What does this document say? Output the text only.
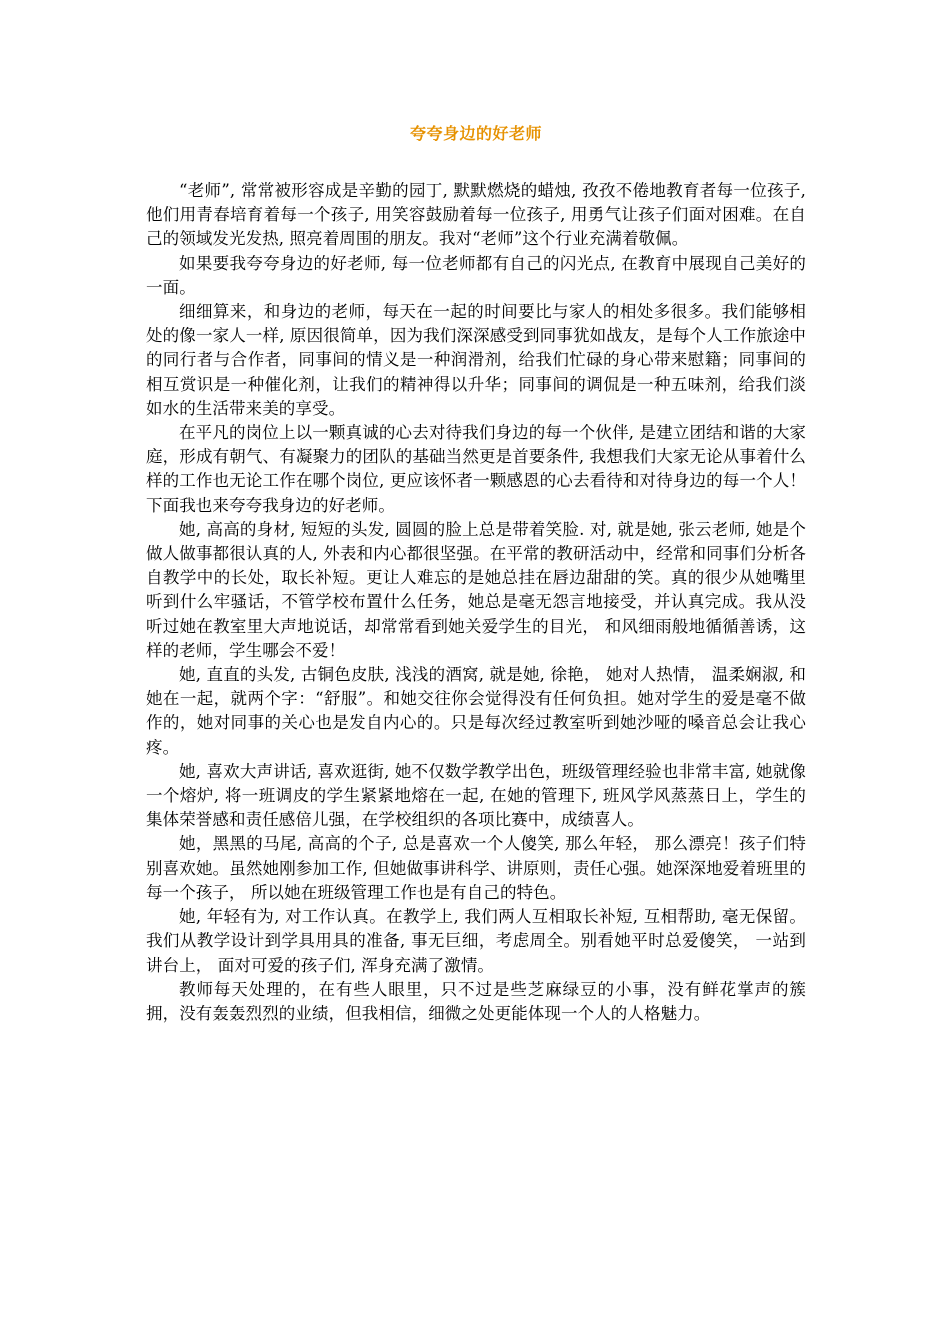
夸夸身边的好老师

“老师”, 常常被形容成是辛勤的园丁, 默默燃烧的蜡烛, 孜孜不倦地教育者每一位孩子, 他们用青春培育着每一个孩子, 用笑容鼓励着每一位孩子, 用勇气让孩子们面对困难。在自己的领域发光发热, 照亮着周围的朋友。我对“老师”这个行业充满着敬佩。

如果要我夸夸身边的好老师, 每一位老师都有自己的闪光点, 在教育中展现自己美好的一面。

细细算来，和身边的老师，每天在一起的时间要比与家人的相处多很多。我们能够相处的像一家人一样, 原因很简单，因为我们深深感受到同事犹如战友，是每个人工作旅途中的同行者与合作者，同事间的情义是一种润滑剂，给我们忙碌的身心带来慰籍；同事间的相互赏识是一种催化剂，让我们的精神得以升华；同事间的调侃是一种五味剂，给我们淡如水的生活带来美的享受。

在平凡的岗位上以一颗真诚的心去对待我们身边的每一个伙伴, 是建立团结和谐的大家庭，形成有朝气、有凝聚力的团队的基础当然更是首要条件, 我想我们大家无论从事着什么样的工作也无论工作在哪个岗位, 更应该怀者一颗感恩的心去看待和对待身边的每一个人！下面我也来夸夸我身边的好老师。

她, 高高的身材, 短短的头发, 圆圆的脸上总是带着笑脸. 对, 就是她, 张云老师, 她是个做人做事都很认真的人, 外表和内心都很坚强。在平常的教研活动中，经常和同事们分析各自教学中的长处，取长补短。更让人难忘的是她总挂在唇边甜甜的笑。真的很少从她嘴里听到什么牢骚话，不管学校布置什么任务，她总是毫无怨言地接受，并认真完成。我从没听过她在教室里大声地说话，却常常看到她关爱学生的目光， 和风细雨般地循循善诱，这样的老师，学生哪会不爱！

她, 直直的头发, 古铜色皮肤, 浅浅的酒窝, 就是她, 徐艳， 她对人热情， 温柔娴淑, 和她在一起，就两个字：“舒服”。和她交往你会觉得没有任何负担。她对学生的爱是毫不做作的，她对同事的关心也是发自内心的。只是每次经过教室听到她沙哑的嗓音总会让我心疼。

她, 喜欢大声讲话, 喜欢逛街, 她不仅数学教学出色，班级管理经验也非常丰富, 她就像一个熔炉, 将一班调皮的学生紧紧地熔在一起, 在她的管理下, 班风学风蒸蒸日上，学生的集体荣誉感和责任感倍儿强，在学校组织的各项比赛中，成绩喜人。

她，黑黑的马尾, 高高的个子, 总是喜欢一个人傻笑, 那么年轻， 那么漂亮！孩子们特别喜欢她。虽然她刚参加工作, 但她做事讲科学、讲原则，责任心强。她深深地爱着班里的每一个孩子， 所以她在班级管理工作也是有自己的特色。

她, 年轻有为, 对工作认真。在教学上, 我们两人互相取长补短, 互相帮助, 毫无保留。我们从教学设计到学具用具的准备, 事无巨细，考虑周全。别看她平时总爱傻笑， 一站到讲台上， 面对可爱的孩子们, 浑身充满了激情。

教师每天处理的，在有些人眼里，只不过是些芝麻绿豆的小事，没有鲜花掌声的簇拥，没有轰轰烈烈的业绩，但我相信，细微之处更能体现一个人的人格魅力。
